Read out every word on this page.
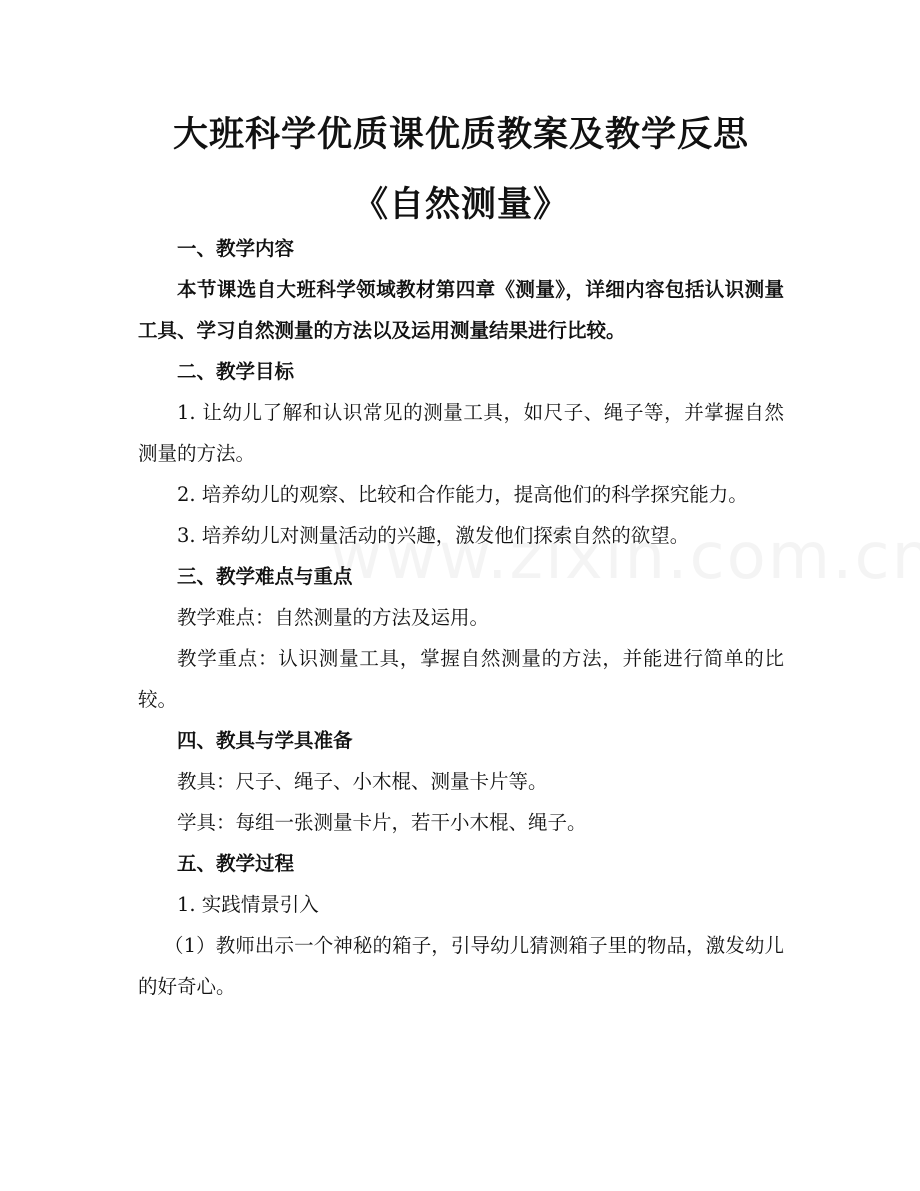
大班科学优质课优质教案及教学反思《自然测量》

一、教学内容

本节课选自大班科学领域教材第四章《测量》，详细内容包括认识测量工具、学习自然测量的方法以及运用测量结果进行比较。

二、教学目标

1. 让幼儿了解和认识常见的测量工具，如尺子、绳子等，并掌握自然测量的方法。

2. 培养幼儿的观察、比较和合作能力，提高他们的科学探究能力。

3. 培养幼儿对测量活动的兴趣，激发他们探索自然的欲望。

三、教学难点与重点

教学难点：自然测量的方法及运用。

教学重点：认识测量工具，掌握自然测量的方法，并能进行简单的比较。

四、教具与学具准备

教具：尺子、绳子、小木棍、测量卡片等。

学具：每组一张测量卡片，若干小木棍、绳子。

五、教学过程

1. 实践情景引入

（1）教师出示一个神秘的箱子，引导幼儿猜测箱子里的物品，激发幼儿的好奇心。
